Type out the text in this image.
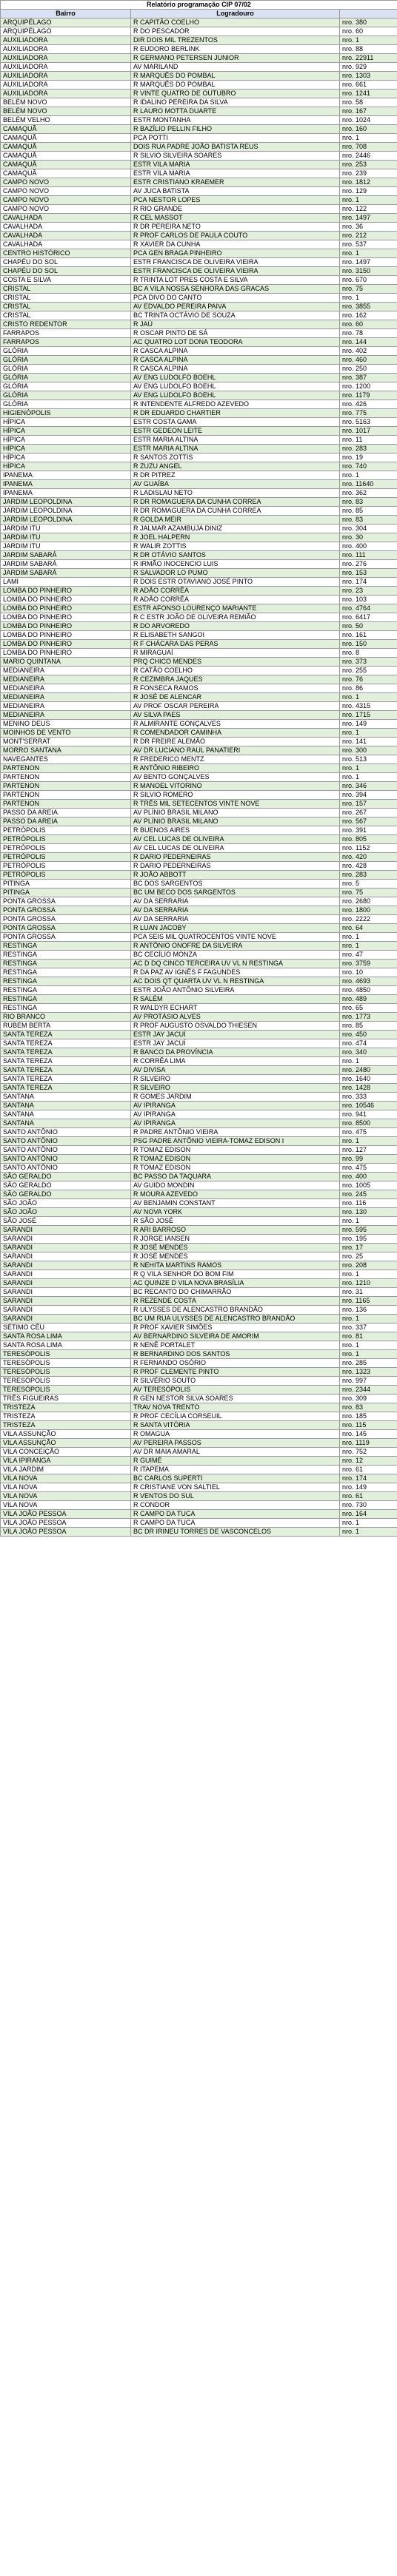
Relatório programação CIP 07/02		
Bairro	Logradouro	
ARQUIPÉLAGO	R CAPITÃO COELHO	nro. 380
ARQUIPÉLAGO	R DO PESCADOR	nro. 60
AUXILIADORA	DIR DOIS MIL TREZENTOS	nro. 1
AUXILIADORA	R EUDORO BERLINK	nro. 88
AUXILIADORA	R GERMANO PETERSEN JUNIOR	nro. 22911
AUXILIADORA	AV MARILAND	nro. 929
AUXILIADORA	R MARQUÊS DO POMBAL	nro. 1303
AUXILIADORA	R MARQUÊS DO POMBAL	nro. 661
AUXILIADORA	R VINTE QUATRO DE OUTUBRO	nro. 1241
BELÉM NOVO	R IDALINO PEREIRA DA SILVA	nro. 58
BELÉM NOVO	R LAURO MOTTA DUARTE	nro. 167
BELÉM VELHO	ESTR MONTANHA	nro. 1024
CAMAQUÃ	R BAZÍLIO PELLIN FILHO	nro. 160
CAMAQUÃ	PCA POTTI	nro. 1
CAMAQUÃ	DOIS RUA PADRE JOÃO BATISTA REUS	nro. 708
CAMAQUÃ	R SILVIO SILVEIRA SOARES	nro. 2446
CAMAQUÃ	ESTR VILA MARIA	nro. 253
CAMAQUÃ	ESTR VILA MARIA	nro. 239
CAMPO NOVO	ESTR CRISTIANO KRAEMER	nro. 1812
CAMPO NOVO	AV JUCA BATISTA	nro. 129
CAMPO NOVO	PCA NESTOR LOPES	nro. 1
CAMPO NOVO	R RIO GRANDE	nro. 122
CAVALHADA	R CEL MASSOT	nro. 1497
CAVALHADA	R DR PEREIRA NETO	nro. 36
CAVALHADA	R PROF CARLOS DE PAULA COUTO	nro. 212
CAVALHADA	R XAVIER DA CUNHA	nro. 537
CENTRO HISTÓRICO	PCA GEN BRAGA PINHEIRO	nro. 1
CHAPÉU DO SOL	ESTR FRANCISCA DE OLIVEIRA VIEIRA	nro. 1497
CHAPÉU DO SOL	ESTR FRANCISCA DE OLIVEIRA VIEIRA	nro. 3150
COSTA E SILVA	R TRINTA LOT PRES COSTA E SILVA	nro. 670
CRISTAL	BC A VILA NOSSA SENHORA DAS GRACAS	nro. 75
CRISTAL	PCA DIVO DO CANTO	nro. 1
CRISTAL	AV EDVALDO PEREIRA PAIVA	nro. 3855
CRISTAL	BC TRINTA OCTÁVIO DE SOUZA	nro. 162
CRISTO REDENTOR	R JAÚ	nro. 60
FARRAPOS	R OSCAR PINTO DE SÁ	nro. 78
FARRAPOS	AC QUATRO LOT DONA TEODORA	nro. 144
GLÓRIA	R CASCA ALPINA	nro. 402
GLÓRIA	R CASCA ALPINA	nro. 460
GLÓRIA	R CASCA ALPINA	nro. 250
GLÓRIA	AV ENG LUDOLFO BOEHL	nro. 387
GLÓRIA	AV ENG LUDOLFO BOEHL	nro. 1200
GLÓRIA	AV ENG LUDOLFO BOEHL	nro. 1179
GLÓRIA	R INTENDENTE ALFREDO AZEVEDO	nro. 426
HIGIENÓPOLIS	R DR EDUARDO CHARTIER	nro. 775
HÍPICA	ESTR COSTA GAMA	nro. 5163
HÍPICA	ESTR GEDEON LEITE	nro. 1017
HÍPICA	ESTR MARIA ALTINA	nro. 11
HÍPICA	ESTR MARIA ALTINA	nro. 283
HÍPICA	R SANTOS ZOTTIS	nro. 19
HÍPICA	R ZUZU ANGEL	nro. 740
IPANEMA	R DR PITREZ	nro. 1
IPANEMA	AV GUAÍBA	nro. 11640
IPANEMA	R LADISLAU NETO	nro. 362
JARDIM LEOPOLDINA	R DR ROMAGUERA DA CUNHA CORREA	nro. 83
JARDIM LEOPOLDINA	R DR ROMAGUERA DA CUNHA CORREA	nro. 85
JARDIM LEOPOLDINA	R GOLDA MEIR	nro. 83
JARDIM ITU	R JALMAR AZAMBUJA DINIZ	nro. 304
JARDIM ITU	R JOEL HALPERN	nro. 30
JARDIM ITU	R WALIR ZOTTIS	nro. 400
JARDIM SABARÁ	R DR OTÁVIO SANTOS	nro. 111
JARDIM SABARÁ	R IRMÃO INOCENCIO LUIS	nro. 276
JARDIM SABARÁ	R SALVADOR LO PUMO	nro. 153
LAMI	R DOIS ESTR OTAVIANO JOSÉ PINTO	nro. 174
LOMBA DO PINHEIRO	R ADÃO CORRÊA	nro. 23
LOMBA DO PINHEIRO	R ADÃO CORRÊA	nro. 103
LOMBA DO PINHEIRO	ESTR AFONSO LOURENÇO MARIANTE	nro. 4764
LOMBA DO PINHEIRO	R C ESTR JOÃO DE OLIVEIRA REMIÃO	nro. 6417
LOMBA DO PINHEIRO	R DO ARVOREDO	nro. 50
LOMBA DO PINHEIRO	R ELISABETH SANGOI	nro. 161
LOMBA DO PINHEIRO	R F CHÁCARA DAS PERAS	nro. 150
LOMBA DO PINHEIRO	R MIRAGUAÍ	nro. 8
MARIO QUINTANA	PRQ CHICO MENDES	nro. 373
MEDIANEIRA	R CATÃO COELHO	nro. 255
MEDIANEIRA	R CEZIMBRA JAQUES	nro. 76
MEDIANEIRA	R FONSECA RAMOS	nro. 86
MEDIANEIRA	R JOSÉ DE ALENCAR	nro. 1
MEDIANEIRA	AV PROF OSCAR PEREIRA	nro. 4315
MEDIANEIRA	AV SILVA PAES	nro. 1715
MENINO DEUS	R ALMIRANTE GONÇALVES	nro. 149
MOINHOS DE VENTO	R COMENDADOR CAMINHA	nro. 1
MONT'SERRAT	R DR FREIRE ALEMÃO	nro. 141
MORRO SANTANA	AV DR LUCIANO RAUL PANATIERI	nro. 300
NAVEGANTES	R FREDERICO MENTZ	nro. 513
PARTENON	R ANTÔNIO RIBEIRO	nro. 1
PARTENON	AV BENTO GONÇALVES	nro. 1
PARTENON	R MANOEL VITORINO	nro. 346
PARTENON	R SILVIO ROMERO	nro. 394
PARTENON	R TRÊS MIL SETECENTOS VINTE NOVE	nro. 157
PASSO DA AREIA	AV PLÍNIO BRASIL MILANO	nro. 267
PASSO DA AREIA	AV PLÍNIO BRASIL MILANO	nro. 567
PETRÓPOLIS	R BUENOS AIRES	nro. 391
PETRÓPOLIS	AV CEL LUCAS DE OLIVEIRA	nro. 805
PETRÓPOLIS	AV CEL LUCAS DE OLIVEIRA	nro. 1152
PETRÓPOLIS	R DARIO PEDERNEIRAS	nro. 420
PETRÓPOLIS	R DARIO PEDERNEIRAS	nro. 428
PETRÓPOLIS	R JOÃO ABBOTT	nro. 283
PITINGA	BC DOS SARGENTOS	nro. 5
PITINGA	BC UM BECO DOS SARGENTOS	nro. 75
PONTA GROSSA	AV DA SERRARIA	nro. 2680
PONTA GROSSA	AV DA SERRARIA	nro. 1800
PONTA GROSSA	AV DA SERRARIA	nro. 2222
PONTA GROSSA	R LUAN JACOBY	nro. 64
PONTA GROSSA	PCA SEIS MIL QUATROCENTOS VINTE NOVE	nro. 1
RESTINGA	R ANTÔNIO ONOFRE DA SILVEIRA	nro. 1
RESTINGA	BC CECÍLIO MONZA	nro. 47
RESTINGA	AC D DQ CINCO TERCEIRA UV VL N RESTINGA	nro. 3759
RESTINGA	R DA PAZ AV IGNÊS F FAGUNDES	nro. 10
RESTINGA	AC DOIS QT QUARTA UV VL N RESTINGA	nro. 4693
RESTINGA	ESTR JOÃO ANTÔNIO SILVEIRA	nro. 4850
RESTINGA	R SALÉM	nro. 489
RESTINGA	R WALDYR ECHART	nro. 65
RIO BRANCO	AV PROTÁSIO ALVES	nro. 1773
RUBEM BERTA	R PROF AUGUSTO OSVALDO THIESEN	nro. 85
SANTA TEREZA	ESTR JAY JACUÍ	nro. 450
SANTA TEREZA	ESTR JAY JACUÍ	nro. 474
SANTA TEREZA	R BANCO DA PROVÍNCIA	nro. 340
SANTA TEREZA	R CORRÊA LIMA	nro. 1
SANTA TEREZA	AV DIVISA	nro. 2480
SANTA TEREZA	R SILVEIRO	nro. 1640
SANTA TEREZA	R SILVEIRO	nro. 1428
SANTANA	R GOMES JARDIM	nro. 333
SANTANA	AV IPIRANGA	nro. 10546
SANTANA	AV IPIRANGA	nro. 941
SANTANA	AV IPIRANGA	nro. 8500
SANTO ANTÔNIO	R PADRE ANTÔNIO VIEIRA	nro. 475
SANTO ANTÔNIO	PSG PADRE ANTÔNIO VIEIRA-TOMAZ EDISON I	nro. 1
SANTO ANTÔNIO	R TOMAZ EDISON	nro. 127
SANTO ANTÔNIO	R TOMAZ EDISON	nro. 99
SANTO ANTÔNIO	R TOMAZ EDISON	nro. 475
SÃO GERALDO	BC PASSO DA TAQUARA	nro. 400
SÃO GERALDO	AV GUIDO MONDIN	nro. 1005
SÃO GERALDO	R MOURA AZEVEDO	nro. 245
SÃO JOÃO	AV BENJAMIN CONSTANT	nro. 116
SÃO JOÃO	AV NOVA YORK	nro. 130
SÃO JOSÉ	R SÃO JOSÉ	nro. 1
SARANDI	R ARI BARROSO	nro. 595
SARANDI	R JORGE IANSEN	nro. 195
SARANDI	R JOSÉ MENDES	nro. 17
SARANDI	R JOSÉ MENDES	nro. 25
SARANDI	R NEHITA MARTINS RAMOS	nro. 208
SARANDI	R Q VILA SENHOR DO BOM FIM	nro. 1
SARANDI	AC QUINZE D VILA NOVA BRASÍLIA	nro. 1210
SARANDI	BC RECANTO DO CHIMARRÃO	nro. 31
SARANDI	R REZENDE COSTA	nro. 1165
SARANDI	R ULYSSES DE ALENCASTRO BRANDÃO	nro. 136
SARANDI	BC UM RUA ULYSSES DE ALENCASTRO BRANDÃO	nro. 1
SÉTIMO CÉU	R PROF XAVIER SIMÕES	nro. 337
SANTA ROSA LIMA	AV BERNARDINO SILVEIRA DE AMORIM	nro. 81
SANTA ROSA LIMA	R NENÊ PORTALET	nro. 1
TERESÓPOLIS	R BERNARDINO DOS SANTOS	nro. 1
TERESÓPOLIS	R FERNANDO OSÓRIO	nro. 285
TERESÓPOLIS	R PROF CLEMENTE PINTO	nro. 1323
TERESÓPOLIS	R SILVÉRIO SOUTO	nro. 997
TERESÓPOLIS	AV TERESÓPOLIS	nro. 2344
TRÊS FIGUEIRAS	R GEN NESTOR SILVA SOARES	nro. 309
TRISTEZA	TRAV NOVA TRENTO	nro. 83
TRISTEZA	R PROF CECÍLIA CORSEUIL	nro. 185
TRISTEZA	R SANTA VITÓRIA	nro. 115
VILA ASSUNÇÃO	R OMAGUA	nro. 145
VILA ASSUNÇÃO	AV PEREIRA PASSOS	nro. 1119
VILA CONCEIÇÃO	AV DR MAIA AMARAL	nro. 752
VILA IPIRANGA	R GUIMÉ	nro. 12
VILA JARDIM	R ITAPEMA	nro. 61
VILA NOVA	BC CARLOS SUPERTI	nro. 174
VILA NOVA	R CRISTIANE VON SALTIEL	nro. 149
VILA NOVA	R VENTOS DO SUL	nro. 61
VILA NOVA	R CONDOR	nro. 730
VILA JOÃO PESSOA	R CAMPO DA TUCA	nro. 164
VILA JOÃO PESSOA	R CAMPO DA TUCA	nro. 1
VILA JOÃO PESSOA	BC DR IRINEU TORRES DE VASCONCELOS	nro. 1
